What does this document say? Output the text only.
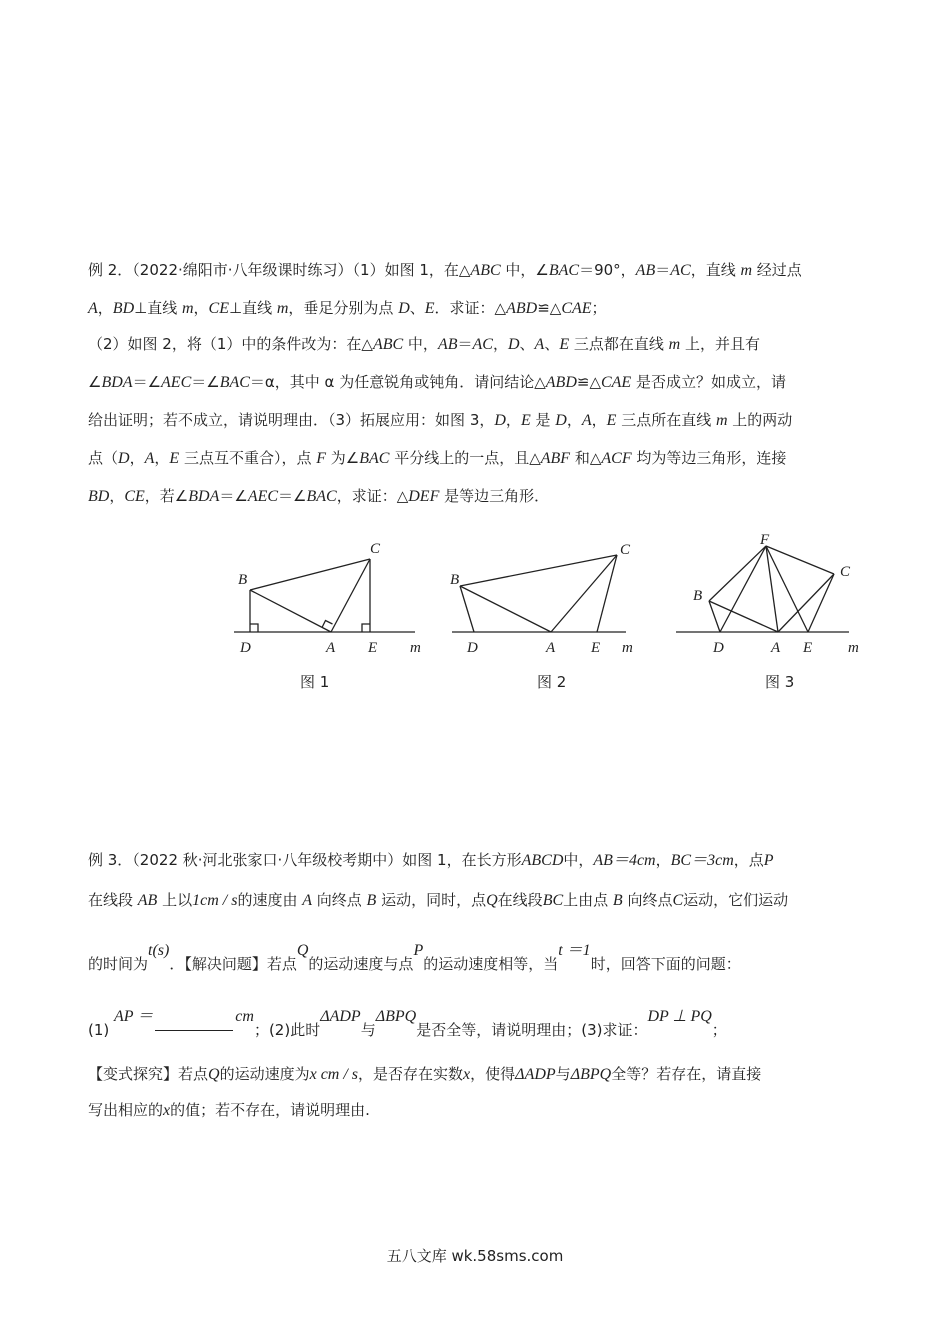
例 2．（2022·绵阳市·八年级课时练习）（1）如图 1，在△ABC 中，∠BAC＝90°，AB＝AC，直线 m 经过点
A，BD⊥直线 m，CE⊥直线 m，垂足分别为点 D、E．求证：△ABD≌△CAE；
（2）如图 2，将（1）中的条件改为：在△ABC 中，AB＝AC，D、A、E 三点都在直线 m 上，并且有
∠BDA＝∠AEC＝∠BAC＝α，其中 α 为任意锐角或钝角．请问结论△ABD≌△CAE 是否成立？如成立，请
给出证明；若不成立，请说明理由．（3）拓展应用：如图 3，D，E 是 D，A，E 三点所在直线 m 上的两动
点（D，A，E 三点互不重合），点 F 为∠BAC 平分线上的一点，且△ABF 和△ACF 均为等边三角形，连接
BD，CE，若∠BDA＝∠AEC＝∠BAC，求证：△DEF 是等边三角形．
B
C
D	A E m
图 1
B
C
D	A E m
图 2
F
B
C
D	A E m
图 3
例 3．（2022 秋·河北张家口·八年级校考期中）如图 1，在长方形ABCD中，AB＝4cm，BC＝3cm，点P
在线段 AB 上以1cm / s的速度由 A 向终点 B 运动，同时，点Q在线段BC上由点 B 向终点C运动，它们运动
的时间为t(s)．【解决问题】若点Q的运动速度与点P的运动速度相等，当t ＝1时，回答下面的问题：
(1) AP ＝	cm；(2)此时ΔADP与ΔBPQ是否全等，请说明理由；(3)求证：DP ⊥ PQ；
【变式探究】若点Q的运动速度为x cm / s，是否存在实数x，使得ΔADP与ΔBPQ全等？若存在，请直接
写出相应的x的值；若不存在，请说明理由.
五八文库 wk.58sms.com
